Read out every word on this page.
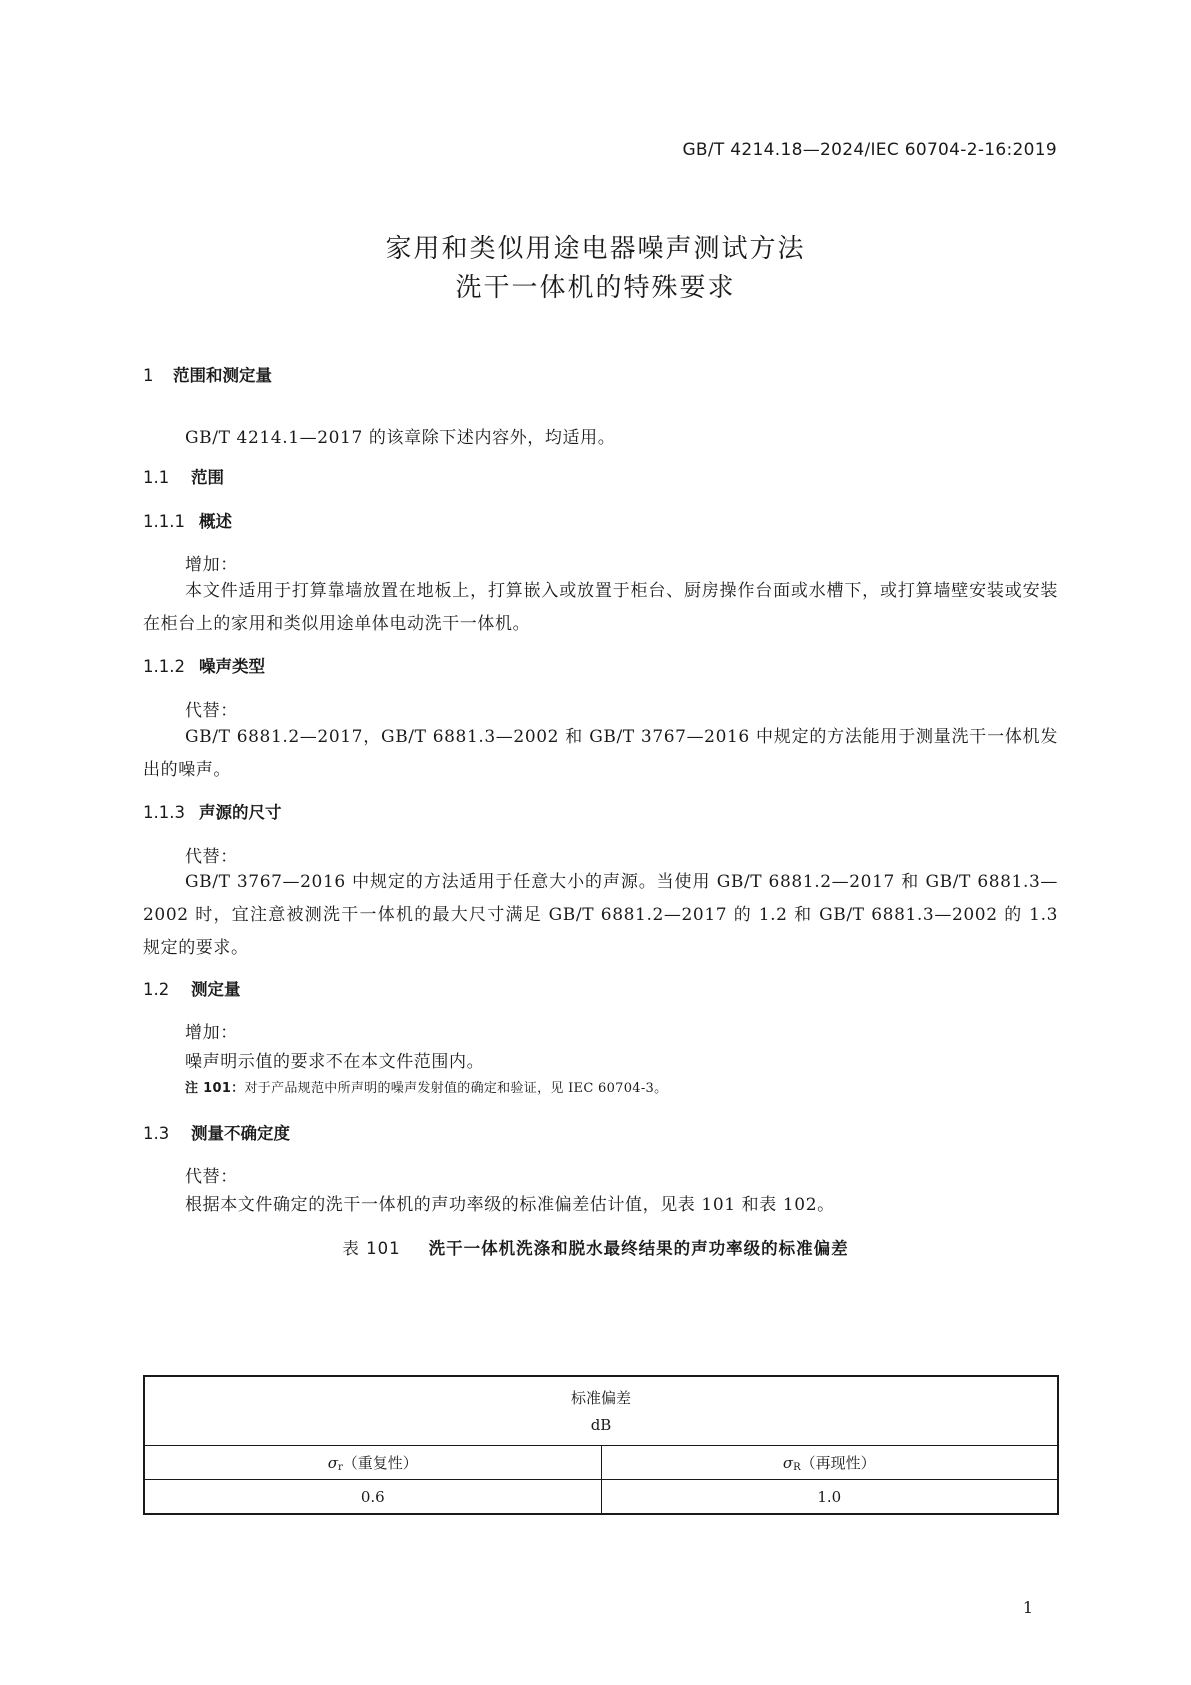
GB/T 4214.18—2024/IEC 60704-2-16:2019
家用和类似用途电器噪声测试方法
洗干一体机的特殊要求
1 范围和测定量
GB/T 4214.1—2017 的该章除下述内容外，均适用。
1.1 范围
1.1.1 概述
增加：
本文件适用于打算靠墙放置在地板上，打算嵌入或放置于柜台、厨房操作台面或水槽下，或打算墙壁安装或安装在柜台上的家用和类似用途单体电动洗干一体机。
1.1.2 噪声类型
代替：
GB/T 6881.2—2017，GB/T 6881.3—2002 和 GB/T 3767—2016 中规定的方法能用于测量洗干一体机发出的噪声。
1.1.3 声源的尺寸
代替：
GB/T 3767—2016 中规定的方法适用于任意大小的声源。当使用 GB/T 6881.2—2017 和 GB/T 6881.3—2002 时，宜注意被测洗干一体机的最大尺寸满足 GB/T 6881.2—2017 的 1.2 和 GB/T 6881.3—2002 的 1.3 规定的要求。
1.2 测定量
增加：
噪声明示值的要求不在本文件范围内。
注 101：对于产品规范中所声明的噪声发射值的确定和验证，见 IEC 60704-3。
1.3 测量不确定度
代替：
根据本文件确定的洗干一体机的声功率级的标准偏差估计值，见表 101 和表 102。
表 101 洗干一体机洗涤和脱水最终结果的声功率级的标准偏差
标准偏差
dB	

$\sigma_r$（重复性）	$\sigma_R$（再现性）
0.6	1.0
1
